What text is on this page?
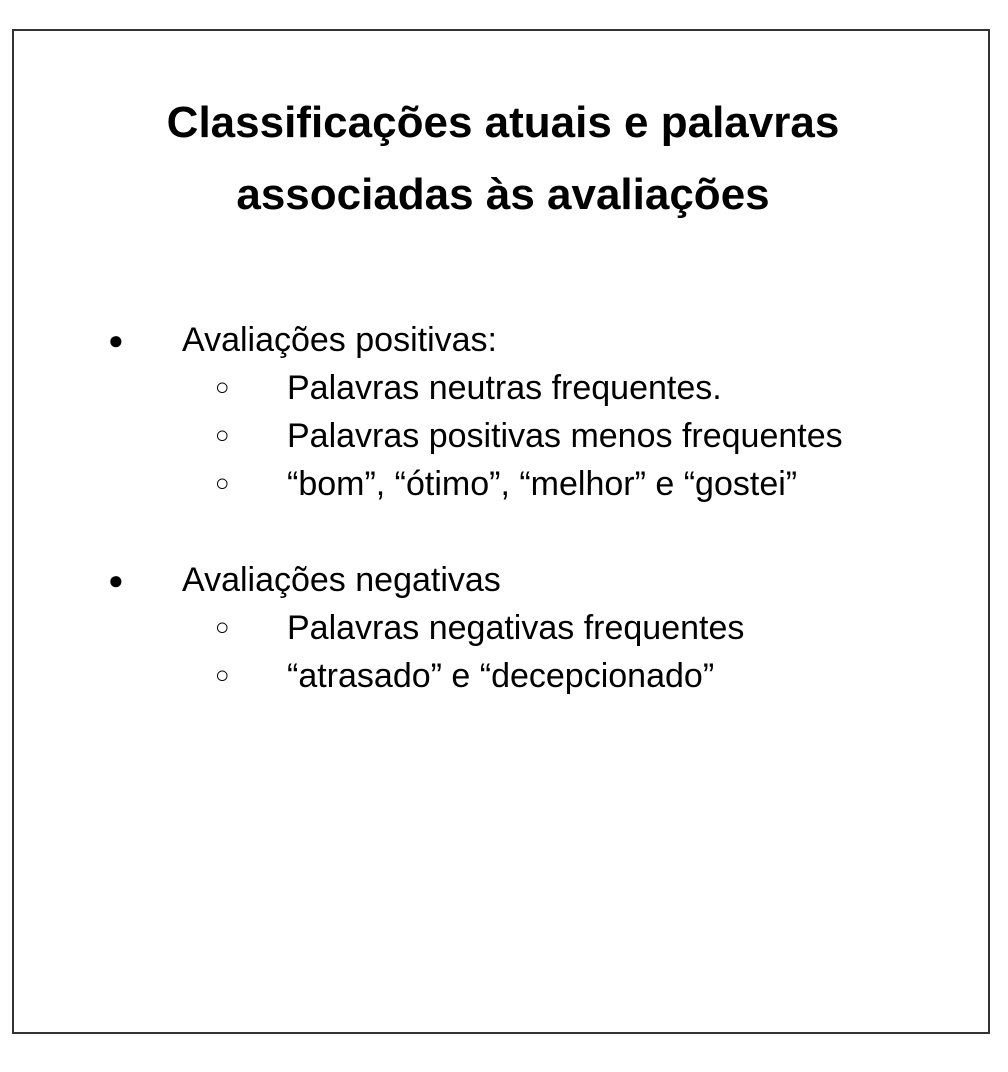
Classificações atuais e palavras
associadas às avaliações
● Avaliações positivas:
○ Palavras neutras frequentes.
○ Palavras positivas menos frequentes
○ “bom”, “ótimo”, “melhor” e “gostei”
● Avaliações negativas
○ Palavras negativas frequentes
○ “atrasado” e “decepcionado”
